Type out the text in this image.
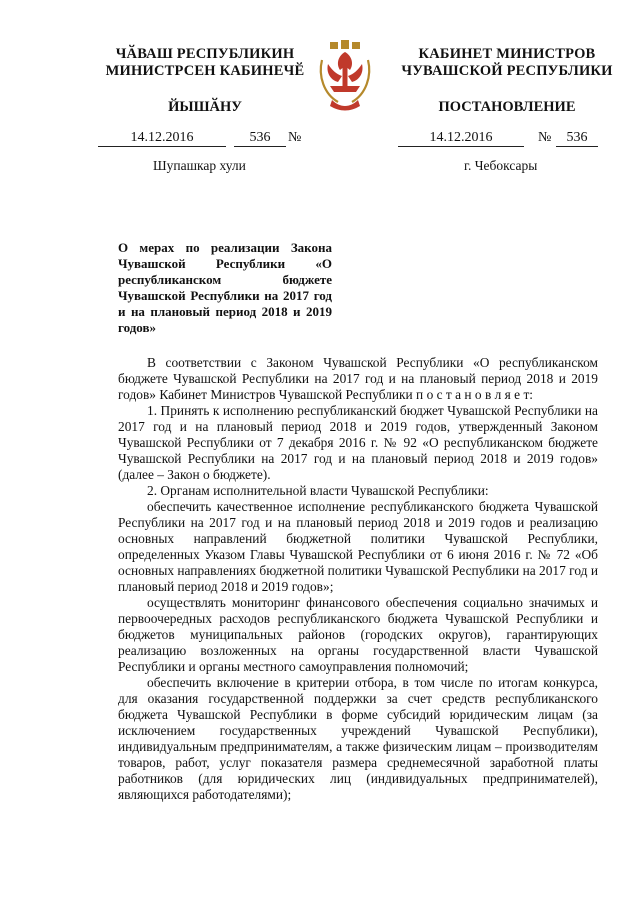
ЧӐВАШ РЕСПУБЛИКИН
МИНИСТРСЕН КАБИНЕЧӖ
ЙЫШӐНУ
КАБИНЕТ МИНИСТРОВ
ЧУВАШСКОЙ РЕСПУБЛИКИ
ПОСТАНОВЛЕНИЕ
14.12.2016	536	№	14.12.2016	№	536
Шупашкар хули	г. Чебоксары
О мерах по реализации Закона Чувашской Республики «О республиканском бюджете Чувашской Республики на 2017 год и на плановый период 2018 и 2019 годов»

В соответствии с Законом Чувашской Республики «О республиканском бюджете Чувашской Республики на 2017 год и на плановый период 2018 и 2019 годов» Кабинет Министров Чувашской Республики п о с т а н о в л я е т:

1. Принять к исполнению республиканский бюджет Чувашской Республики на 2017 год и на плановый период 2018 и 2019 годов, утвержденный Законом Чувашской Республики от 7 декабря 2016 г. № 92 «О республиканском бюджете Чувашской Республики на 2017 год и на плановый период 2018 и 2019 годов» (далее – Закон о бюджете).

2. Органам исполнительной власти Чувашской Республики:

обеспечить качественное исполнение республиканского бюджета Чувашской Республики на 2017 год и на плановый период 2018 и 2019 годов и реализацию основных направлений бюджетной политики Чувашской Республики, определенных Указом Главы Чувашской Республики от 6 июня 2016 г. № 72 «Об основных направлениях бюджетной политики Чувашской Республики на 2017 год и плановый период 2018 и 2019 годов»;

осуществлять мониторинг финансового обеспечения социально значимых и первоочередных расходов республиканского бюджета Чувашской Республики и бюджетов муниципальных районов (городских округов), гарантирующих реализацию возложенных на органы государственной власти Чувашской Республики и органы местного самоуправления полномочий;

обеспечить включение в критерии отбора, в том числе по итогам конкурса, для оказания государственной поддержки за счет средств республиканского бюджета Чувашской Республики в форме субсидий юридическим лицам (за исключением государственных учреждений Чувашской Республики), индивидуальным предпринимателям, а также физическим лицам – производителям товаров, работ, услуг показателя размера среднемесячной заработной платы работников (для юридических лиц (индивидуальных предпринимателей), являющихся работодателями);
